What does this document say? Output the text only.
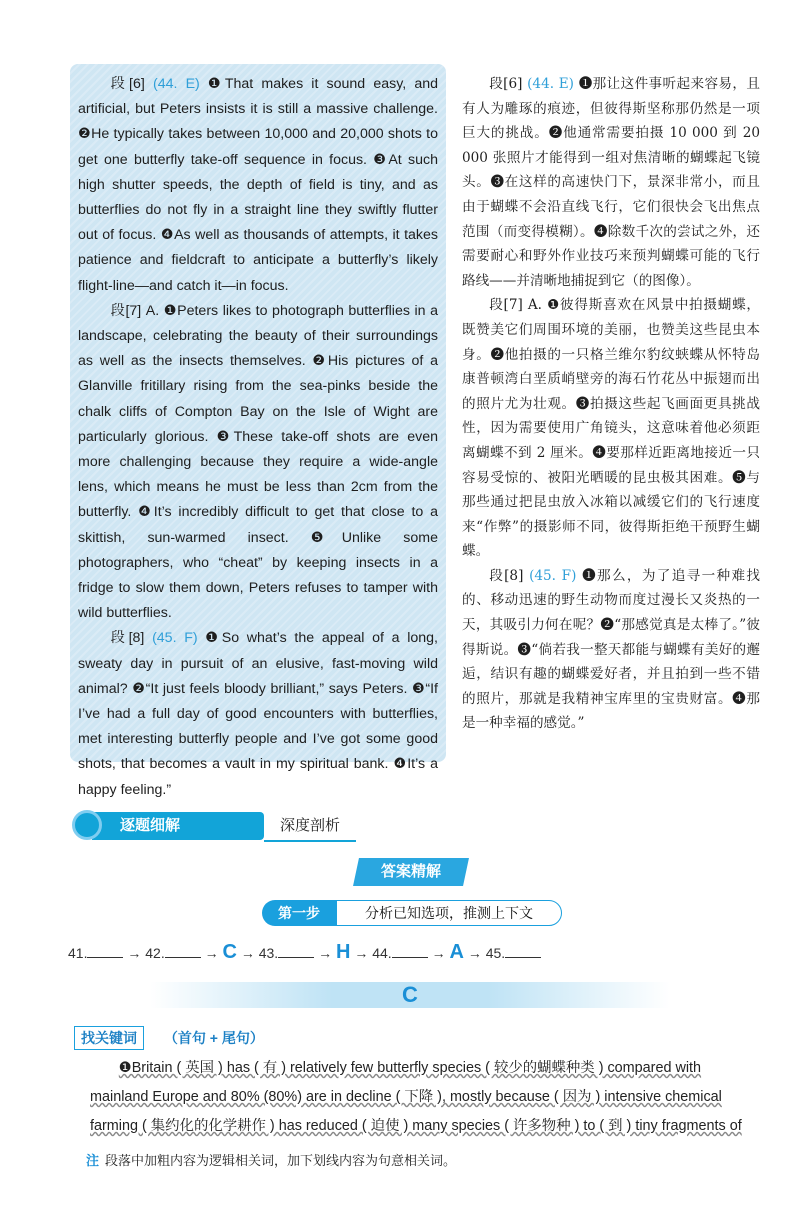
段[6] (44. E) ❶That makes it sound easy, and artificial, but Peters insists it is still a massive challenge. ❷He typically takes between 10,000 and 20,000 shots to get one butterfly take-off sequence in focus. ❸At such high shutter speeds, the depth of field is tiny, and as butterflies do not fly in a straight line they swiftly flutter out of focus. ❹As well as thousands of attempts, it takes patience and fieldcraft to anticipate a butterfly’s likely flight-line—and catch it—in focus.

段[7] A. ❶Peters likes to photograph butterflies in a landscape, celebrating the beauty of their surroundings as well as the insects themselves. ❷His pictures of a Glanville fritillary rising from the sea-pinks beside the chalk cliffs of Compton Bay on the Isle of Wight are particularly glorious. ❸These take-off shots are even more challenging because they require a wide-angle lens, which means he must be less than 2cm from the butterfly. ❹It’s incredibly difficult to get that close to a skittish, sun-warmed insect. ❺Unlike some photographers, who “cheat” by keeping insects in a fridge to slow them down, Peters refuses to tamper with wild butterflies.

段[8] (45. F) ❶So what’s the appeal of a long, sweaty day in pursuit of an elusive, fast-moving wild animal? ❷“It just feels bloody brilliant,” says Peters. ❸“If I’ve had a full day of good encounters with butterflies, met interesting butterfly people and I’ve got some good shots, that becomes a vault in my spiritual bank. ❹It’s a happy feeling.”

段[6] (44. E) ❶那让这件事听起来容易，且有人为雕琢的痕迹，但彼得斯坚称那仍然是一项巨大的挑战。❷他通常需要拍摄 10 000 到 20 000 张照片才能得到一组对焦清晰的蝴蝶起飞镜头。❸在这样的高速快门下，景深非常小，而且由于蝴蝶不会沿直线飞行，它们很快会飞出焦点范围（而变得模糊）。❹除数千次的尝试之外，还需要耐心和野外作业技巧来预判蝴蝶可能的飞行路线——并清晰地捕捉到它（的图像）。

段[7] A. ❶彼得斯喜欢在风景中拍摄蝴蝶，既赞美它们周围环境的美丽，也赞美这些昆虫本身。❷他拍摄的一只格兰维尔豹纹蛱蝶从怀特岛康普顿湾白垩质峭壁旁的海石竹花丛中振翅而出的照片尤为壮观。❸拍摄这些起飞画面更具挑战性，因为需要使用广角镜头，这意味着他必须距离蝴蝶不到 2 厘米。❹要那样近距离地接近一只容易受惊的、被阳光晒暖的昆虫极其困难。❺与那些通过把昆虫放入冰箱以减缓它们的飞行速度来“作弊”的摄影师不同，彼得斯拒绝干预野生蝴蝶。

段[8] (45. F) ❶那么，为了追寻一种难找的、移动迅速的野生动物而度过漫长又炎热的一天，其吸引力何在呢？❷“那感觉真是太棒了。”彼得斯说。❸“倘若我一整天都能与蝴蝶有美好的邂逅，结识有趣的蝴蝶爱好者，并且拍到一些不错的照片，那就是我精神宝库里的宝贵财富。❹那是一种幸福的感觉。”

逐题细解	深度剖析
答案精解
第一步	分析已知选项，推测上下文
41.	→ 42.	→ C → 43.	→ H → 44.	→ A → 45.
C
找关键词 （首句 + 尾句）

❶Britain ( 英国 ) has ( 有 ) relatively few butterfly species ( 较少的蝴蝶种类 ) compared with mainland Europe and 80% (80%) are in decline ( 下降 ), mostly because ( 因为 ) intensive chemical farming ( 集约化的化学耕作 ) has reduced ( 迫使 ) many species ( 许多物种 ) to ( 到 ) tiny fragments of

注 段落中加粗内容为逻辑相关词，加下划线内容为句意相关词。
